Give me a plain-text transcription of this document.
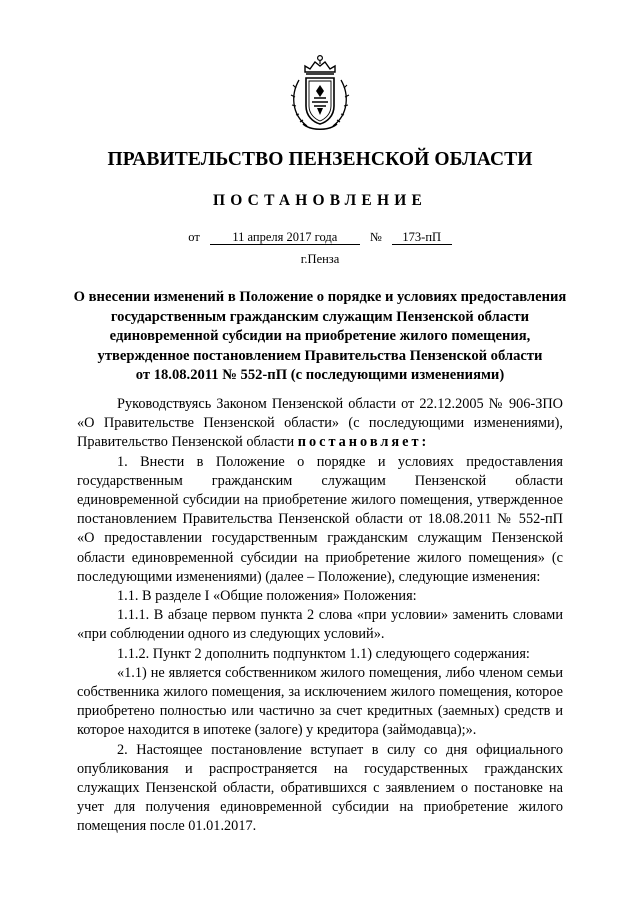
ПРАВИТЕЛЬСТВО ПЕНЗЕНСКОЙ ОБЛАСТИ
ПОСТАНОВЛЕНИЕ
от	11 апреля 2017 года	№ 173-пП
г.Пенза
О внесении изменений в Положение о порядке и условиях предоставления
государственным гражданским служащим Пензенской области
единовременной субсидии на приобретение жилого помещения,
утвержденное постановлением Правительства Пензенской области
от 18.08.2011 № 552-пП (с последующими изменениями)

Руководствуясь Законом Пензенской области от 22.12.2005 № 906-ЗПО «О Правительстве Пензенской области» (с последующими изменениями), Правительство Пензенской области постановляет:

1. Внести в Положение о порядке и условиях предоставления государственным гражданским служащим Пензенской области единовременной субсидии на приобретение жилого помещения, утвержденное постановлением Правительства Пензенской области от 18.08.2011 № 552-пП «О предоставлении государственным гражданским служащим Пензенской области единовременной субсидии на приобретение жилого помещения» (с последующими изменениями) (далее – Положение), следующие изменения:

1.1. В разделе I «Общие положения» Положения:

1.1.1. В абзаце первом пункта 2 слова «при условии» заменить словами «при соблюдении одного из следующих условий».

1.1.2. Пункт 2 дополнить подпунктом 1.1) следующего содержания:

«1.1) не является собственником жилого помещения, либо членом семьи собственника жилого помещения, за исключением жилого помещения, которое приобретено полностью или частично за счет кредитных (заемных) средств и которое находится в ипотеке (залоге) у кредитора (займодавца);».

2. Настоящее постановление вступает в силу со дня официального опубликования и распространяется на государственных гражданских служащих Пензенской области, обратившихся с заявлением о постановке на учет для получения единовременной субсидии на приобретение жилого помещения после 01.01.2017.
